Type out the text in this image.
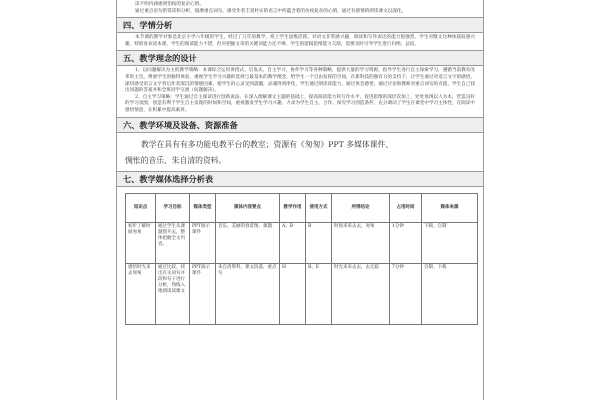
读不明内涵感到怕疫的复杂心情。

通过重点语句的赏读和分析，揣摩重点词句，感受作者丰富朴实的语言中所蕴含着的仿疫复杂的心情，通过有感情的朗读课文以深化。

四、学情分析

本节课的教学对象是北京小学六年级的学生，经过了几年的教学，班上学生思维活跃，对语文非常感兴趣，阅读和写作表达的能力很强烈，学生对散文这种体裁较感兴趣，特别喜欢读本课，学生的阅读能力不错，但对把握文章的关键词能力还不够，学生的逻辑思维能力欠缺，需要及时引导学生进行归纳、总结。

五、教学理念的设计

1、以问题解决为主的教学策略：本课综合运用讲授式、启发式、自主学习、协作学习等各种策略，提供大量的学习资源，指导学生进行自主探索学习，遵循当前教育改革的主旨，尊重学生的独特体验，重视学生学习兴趣的选择与最基本的教学理念，给学生一个自由发挥的空间，在新科技的强有力的支持下，让学生通过对语言文字的感悟，深切感受语言文字背后作者深沉的情感因素，使学生的心灵受到震撼，灵魂得到净化，学生通过朗读读能力，通过体会感悟，通过讨论和教师对重点词句的点拨，学生自己找出问题的答案并和全班同学交流（问题解决）。

2、自主学习策略：学生通过自主阅读进行创新说法，在深入理解课文主题的基础上，提高阅读能力和写作水平，促进思维的深层次加工，处处体现以人为本，营造良好的学习氛围，创造有利于学生自主发现的时间和空间，重视激发学生学习兴趣，力求为学生自主、合作、探究学习创造条件，充分调动了学生在课堂中学习主体性，在阅读中感悟情意，在积累中提高素养。

六、教学环境及设备、资源准备

教学在具有有多功能电教平台的教室；资源有《匆匆》PPT 多媒体课件、

惆怅的音乐、朱自清的资料。

七、教学媒体选择分析表
知识点	学习目标	媒体类型	媒体内容要点	教学作用	使用方式	所得结论	占用时间	媒体来源
初步了解时间匆匆	通过学生从课题想开去，整体把握全文内容。	PPT演示课件	音乐、美丽的春景图、课题	A、B	B	时间来来去去，匆匆	1分钟	下载、自制
感悟时光来去匆匆	通过比较，找出有关词句并段和句子进行分析，熟练入地朗读读课文	PPT演示课件	朱自清资料，课文段落，重点句	H	B、E	时光来来去去，去无踪	7分钟	自制、下载
